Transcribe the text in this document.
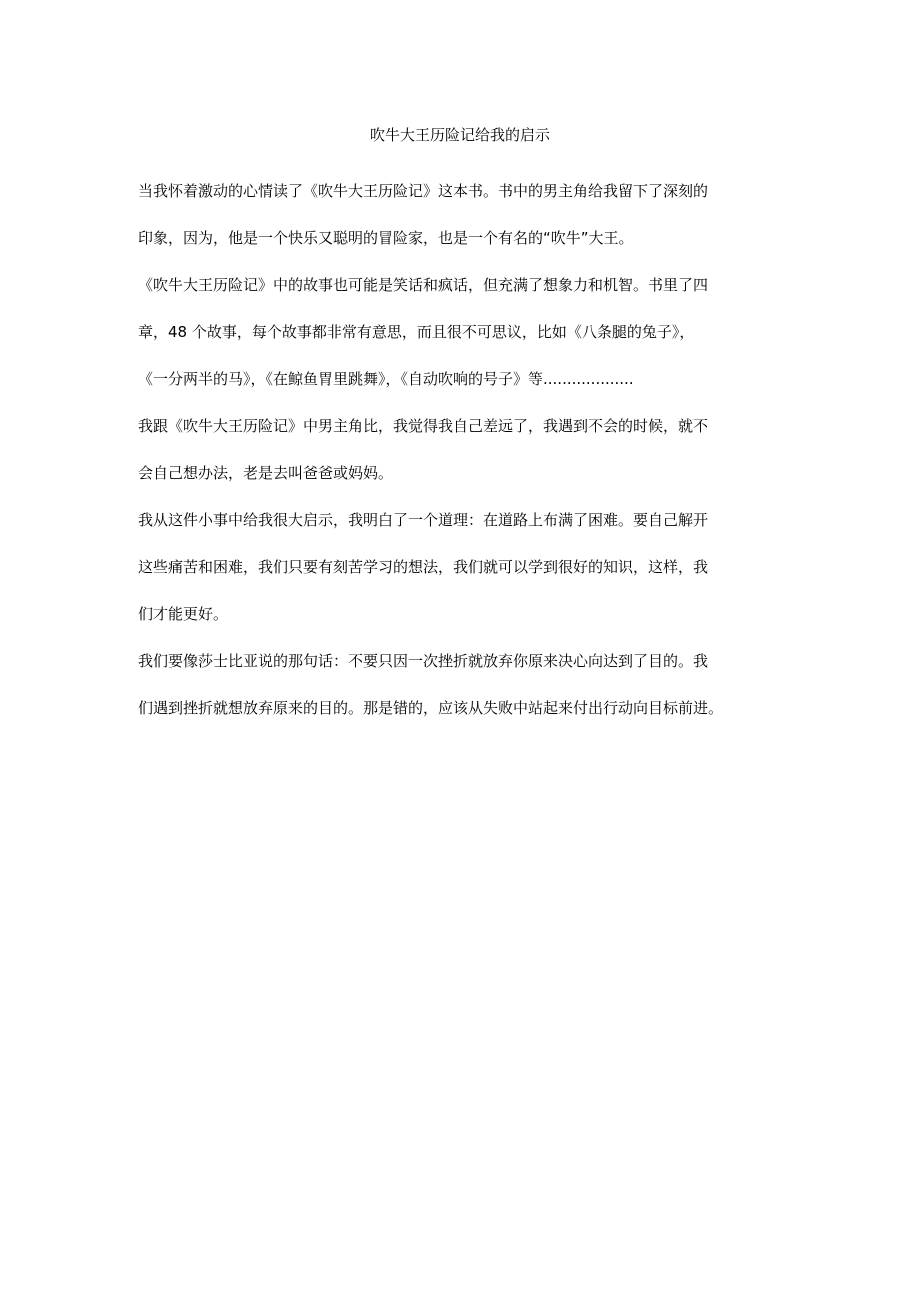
吹牛大王历险记给我的启示

当我怀着激动的心情读了《吹牛大王历险记》这本书。书中的男主角给我留下了深刻的

印象，因为，他是一个快乐又聪明的冒险家，也是一个有名的“吹牛”大王。

《吹牛大王历险记》中的故事也可能是笑话和疯话，但充满了想象力和机智。书里了四

章，48 个故事，每个故事都非常有意思，而且很不可思议，比如《八条腿的兔子》，

《一分两半的马》，《在鲸鱼胃里跳舞》，《自动吹响的号子》等...................

我跟《吹牛大王历险记》中男主角比，我觉得我自己差远了，我遇到不会的时候，就不

会自己想办法，老是去叫爸爸或妈妈。

我从这件小事中给我很大启示，我明白了一个道理：在道路上布满了困难。要自己解开

这些痛苦和困难，我们只要有刻苦学习的想法，我们就可以学到很好的知识，这样，我

们才能更好。

我们要像莎士比亚说的那句话：不要只因一次挫折就放弃你原来决心向达到了目的。我

们遇到挫折就想放弃原来的目的。那是错的，应该从失败中站起来付出行动向目标前进。
